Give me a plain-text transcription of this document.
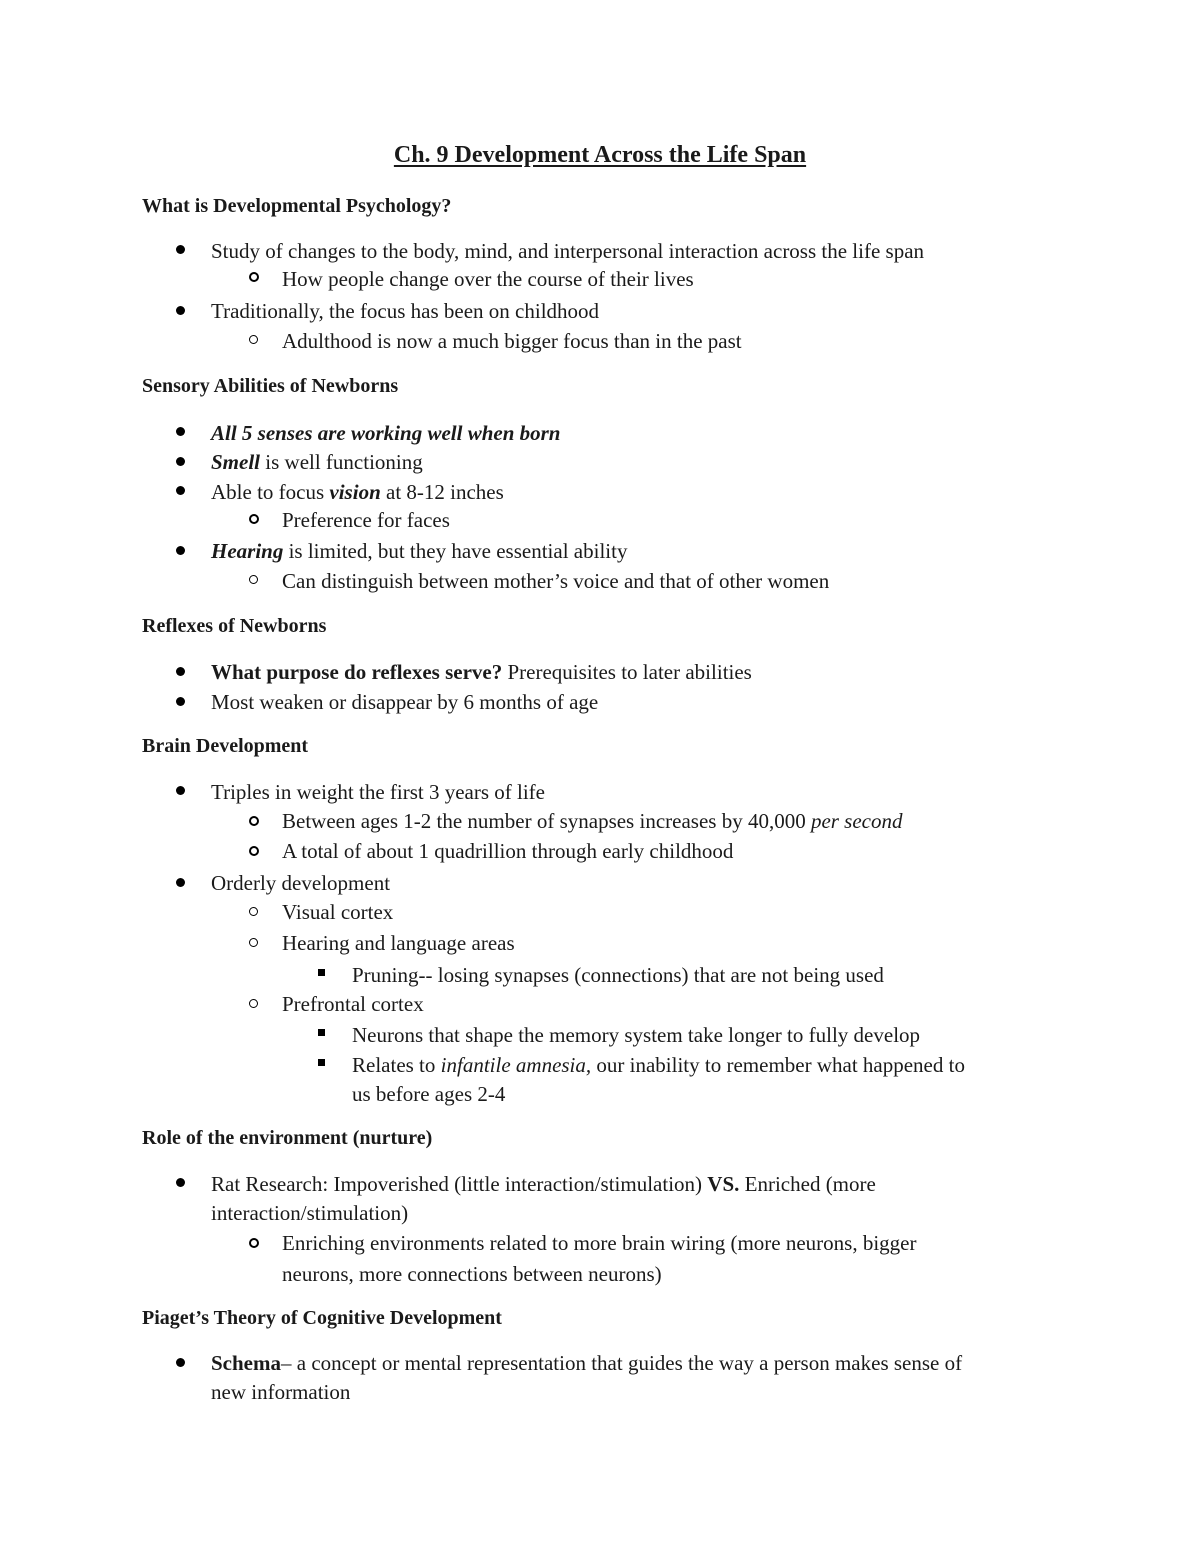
Ch. 9 Development Across the Life Span
What is Developmental Psychology?
Study of changes to the body, mind, and interpersonal interaction across the life span
How people change over the course of their lives
Traditionally, the focus has been on childhood
Adulthood is now a much bigger focus than in the past
Sensory Abilities of Newborns
All 5 senses are working well when born
Smell is well functioning
Able to focus vision at 8-12 inches
Preference for faces
Hearing is limited, but they have essential ability
Can distinguish between mother’s voice and that of other women
Reflexes of Newborns
What purpose do reflexes serve? Prerequisites to later abilities
Most weaken or disappear by 6 months of age
Brain Development
Triples in weight the first 3 years of life
Between ages 1-2 the number of synapses increases by 40,000 per second
A total of about 1 quadrillion through early childhood
Orderly development
Visual cortex
Hearing and language areas
Pruning-- losing synapses (connections) that are not being used
Prefrontal cortex
Neurons that shape the memory system take longer to fully develop
Relates to infantile amnesia, our inability to remember what happened to
us before ages 2-4
Role of the environment (nurture)
Rat Research: Impoverished (little interaction/stimulation) VS. Enriched (more
interaction/stimulation)
Enriching environments related to more brain wiring (more neurons, bigger
neurons, more connections between neurons)
Piaget’s Theory of Cognitive Development
Schema– a concept or mental representation that guides the way a person makes sense of
new information
